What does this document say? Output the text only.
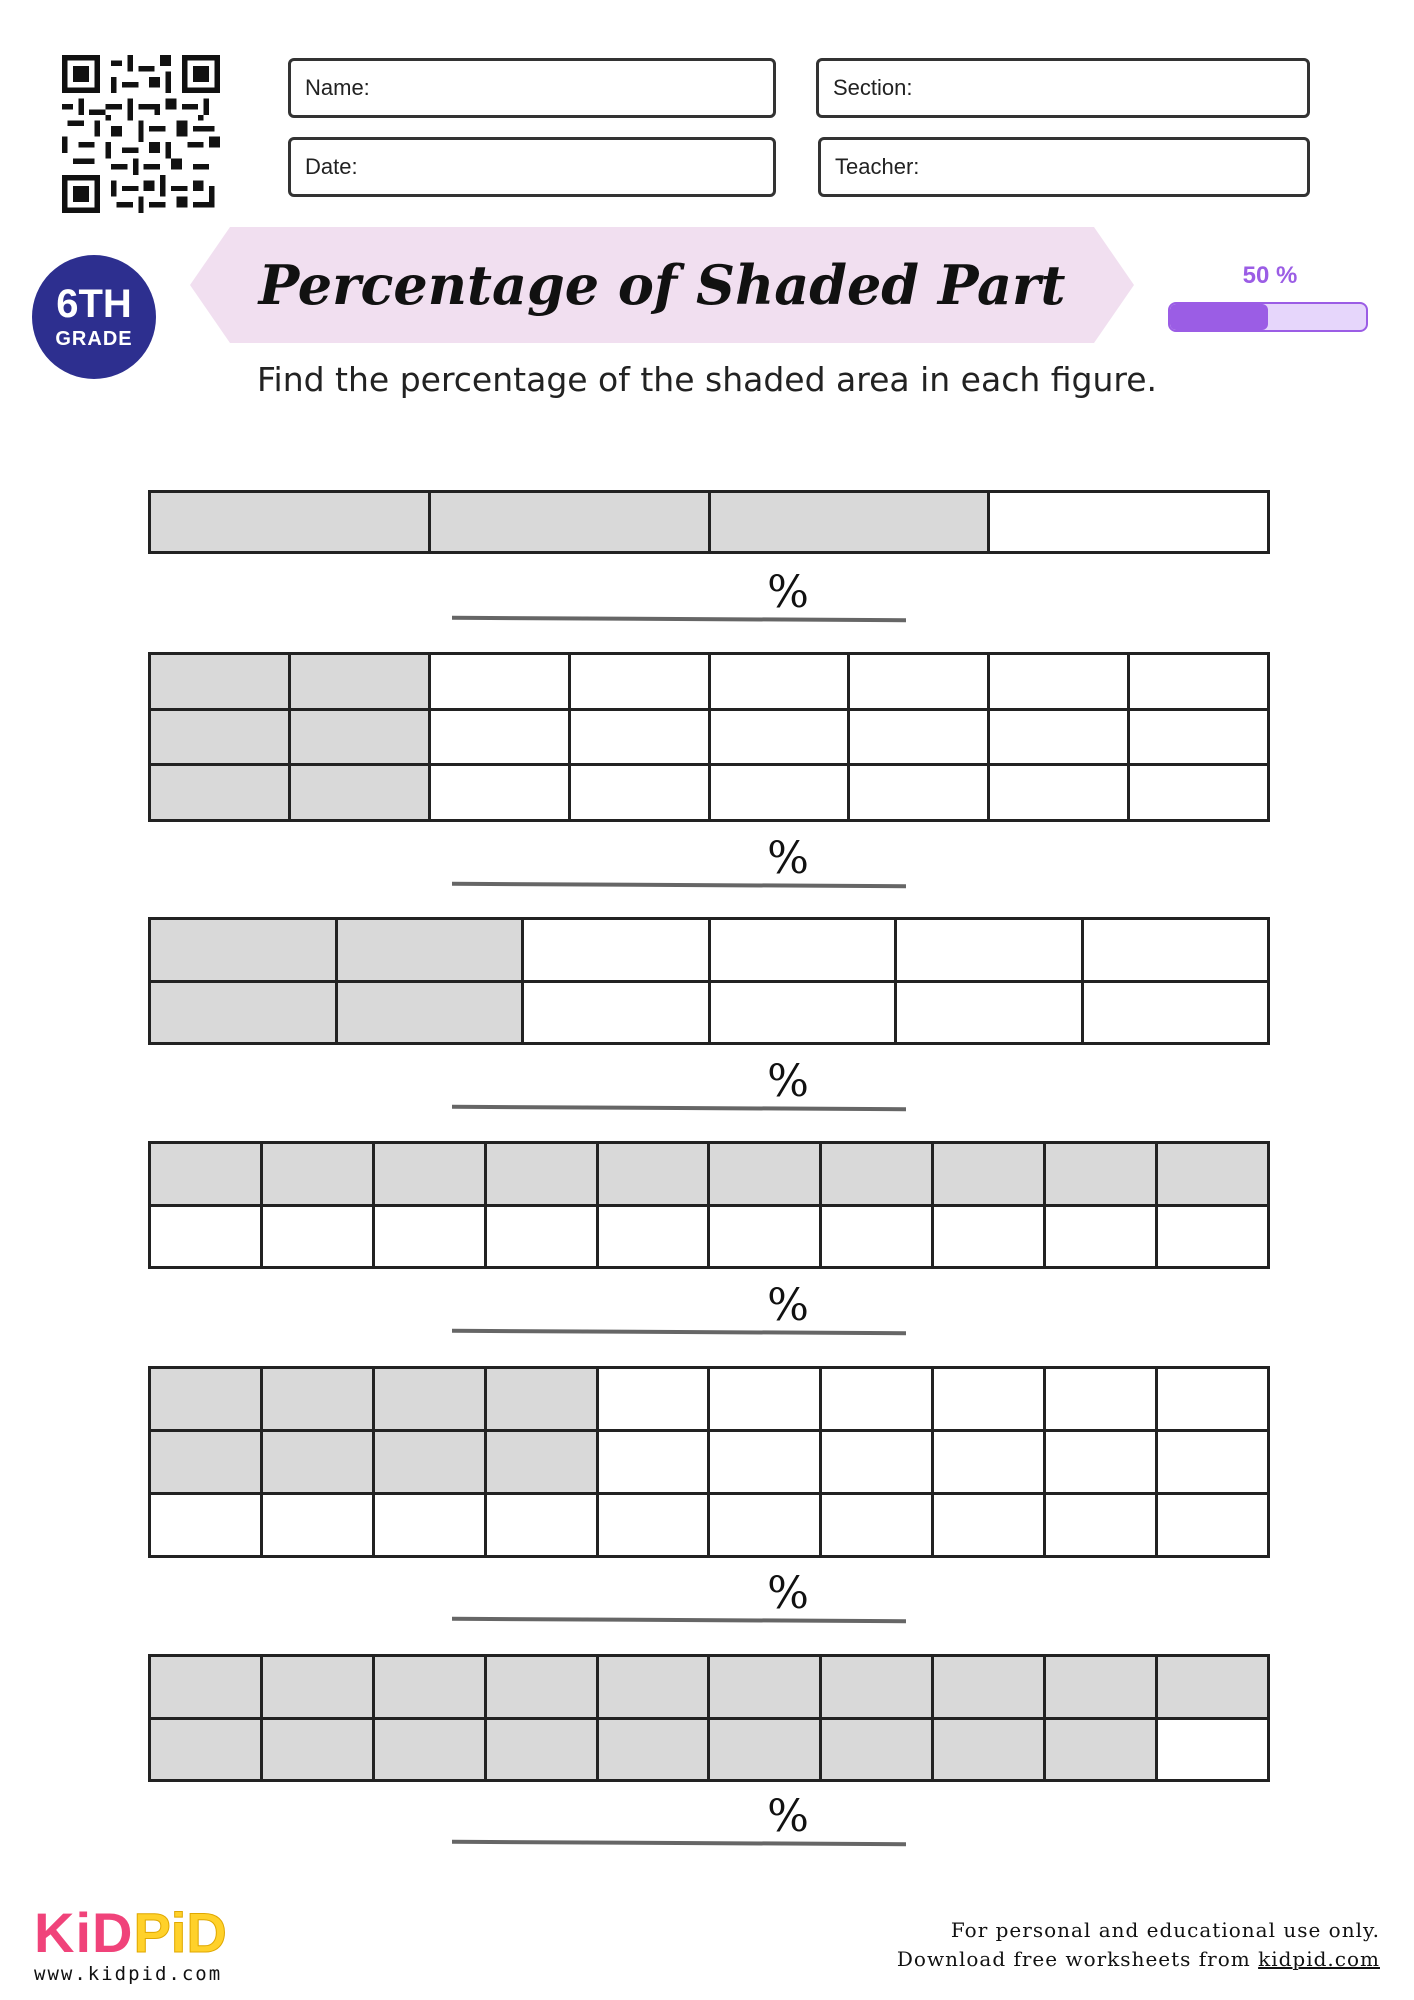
Name:	Section:
Date:	Teacher:
6TH
GRADE
Percentage of Shaded Part	50 %
Find the percentage of the shaded area in each figure.

%

%

%

%

%

%
KiDPiD
www.kidpid.com
For personal and educational use only.
Download free worksheets from kidpid.com
